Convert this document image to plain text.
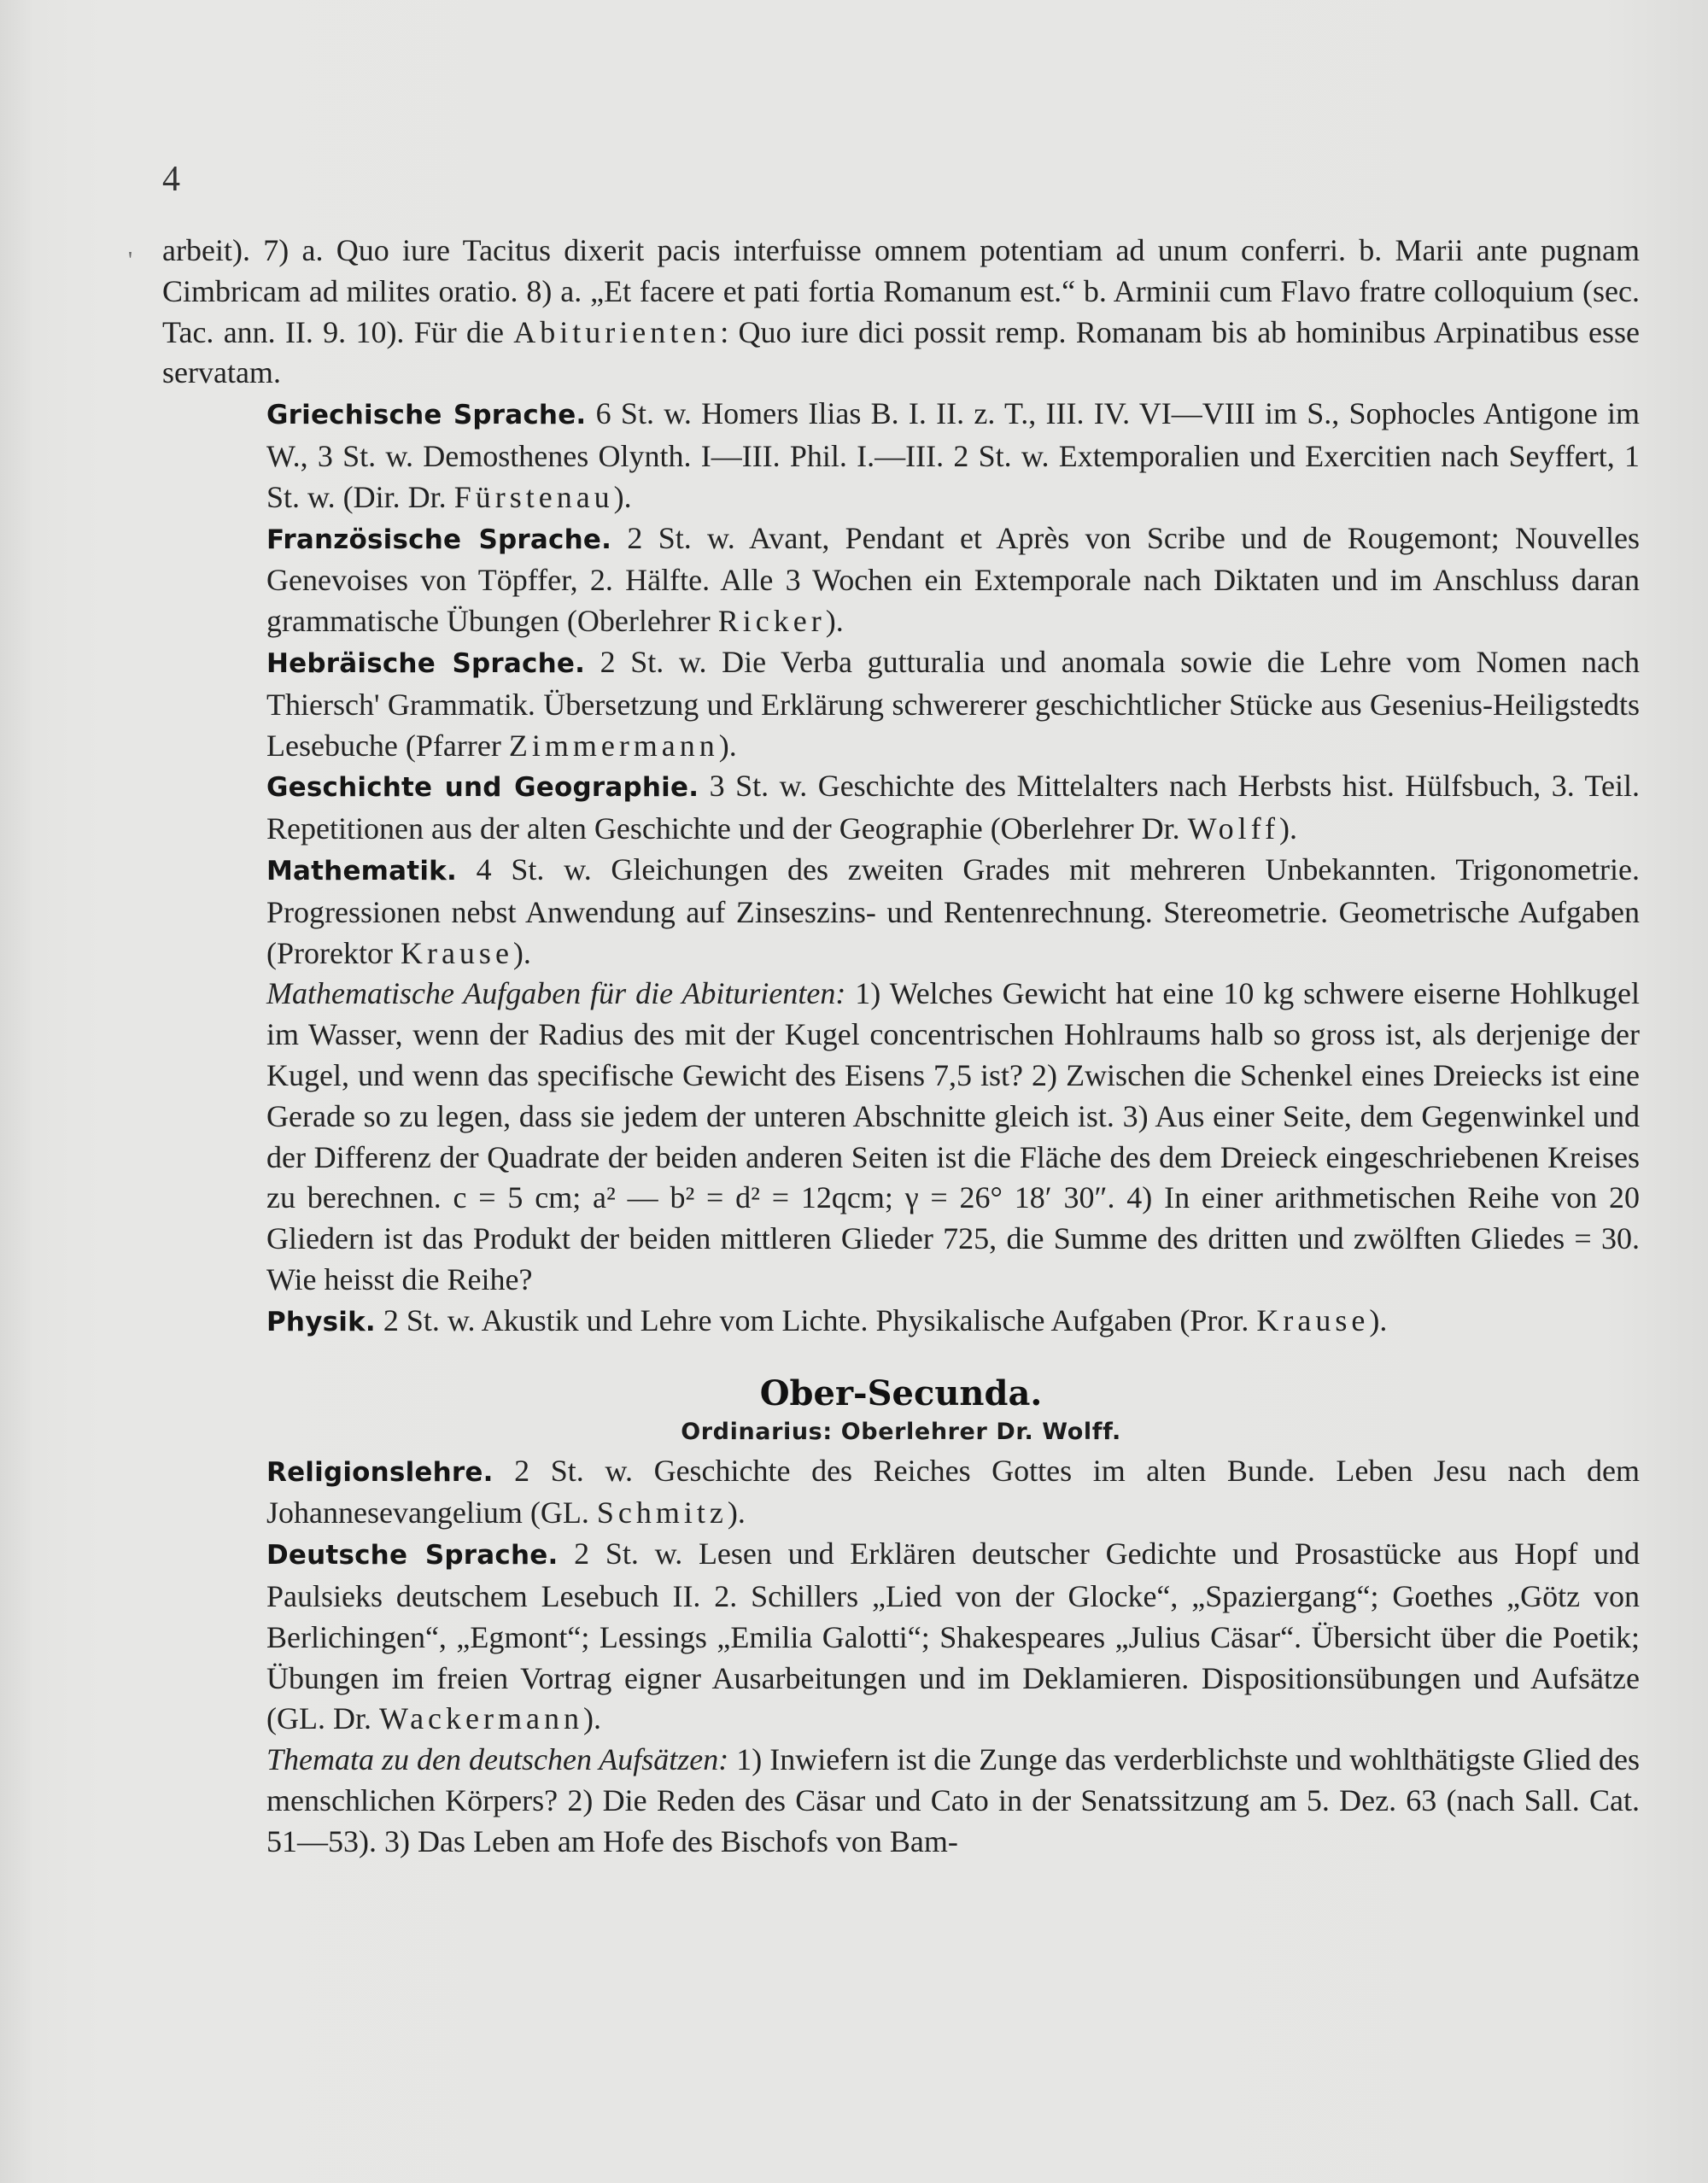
'
4

arbeit). 7) a. Quo iure Tacitus dixerit pacis interfuisse omnem potentiam ad unum conferri. b. Marii ante pugnam Cimbricam ad milites oratio. 8) a. „Et facere et pati fortia Romanum est.“ b. Arminii cum Flavo fratre colloquium (sec. Tac. ann. II. 9. 10). Für die Abiturienten: Quo iure dici possit remp. Romanam bis ab hominibus Arpinatibus esse servatam.

Griechische Sprache. 6 St. w. Homers Ilias B. I. II. z. T., III. IV. VI—VIII im S., Sophocles Antigone im W., 3 St. w. Demosthenes Olynth. I—III. Phil. I.—III. 2 St. w. Extemporalien und Exercitien nach Seyffert, 1 St. w. (Dir. Dr. Fürstenau).

Französische Sprache. 2 St. w. Avant, Pendant et Après von Scribe und de Rougemont; Nouvelles Genevoises von Töpffer, 2. Hälfte. Alle 3 Wochen ein Extemporale nach Diktaten und im Anschluss daran grammatische Übungen (Oberlehrer Ricker).

Hebräische Sprache. 2 St. w. Die Verba gutturalia und anomala sowie die Lehre vom Nomen nach Thiersch' Grammatik. Übersetzung und Erklärung schwererer geschichtlicher Stücke aus Gesenius-Heiligstedts Lesebuche (Pfarrer Zimmermann).

Geschichte und Geographie. 3 St. w. Geschichte des Mittelalters nach Herbsts hist. Hülfsbuch, 3. Teil. Repetitionen aus der alten Geschichte und der Geographie (Oberlehrer Dr. Wolff).

Mathematik. 4 St. w. Gleichungen des zweiten Grades mit mehreren Unbekannten. Trigonometrie. Progressionen nebst Anwendung auf Zinseszins- und Rentenrechnung. Stereometrie. Geometrische Aufgaben (Prorektor Krause).

Mathematische Aufgaben für die Abiturienten: 1) Welches Gewicht hat eine 10 kg schwere eiserne Hohlkugel im Wasser, wenn der Radius des mit der Kugel concentrischen Hohlraums halb so gross ist, als derjenige der Kugel, und wenn das specifische Gewicht des Eisens 7,5 ist? 2) Zwischen die Schenkel eines Dreiecks ist eine Gerade so zu legen, dass sie jedem der unteren Abschnitte gleich ist. 3) Aus einer Seite, dem Gegenwinkel und der Differenz der Quadrate der beiden anderen Seiten ist die Fläche des dem Dreieck eingeschriebenen Kreises zu berechnen. c = 5 cm; a² — b² = d² = 12qcm; γ = 26° 18′ 30″. 4) In einer arithmetischen Reihe von 20 Gliedern ist das Produkt der beiden mittleren Glieder 725, die Summe des dritten und zwölften Gliedes = 30. Wie heisst die Reihe?

Physik. 2 St. w. Akustik und Lehre vom Lichte. Physikalische Aufgaben (Pror. Krause).

Ober-Secunda.
Ordinarius: Oberlehrer Dr. Wolff.

Religionslehre. 2 St. w. Geschichte des Reiches Gottes im alten Bunde. Leben Jesu nach dem Johannesevangelium (GL. Schmitz).

Deutsche Sprache. 2 St. w. Lesen und Erklären deutscher Gedichte und Prosastücke aus Hopf und Paulsieks deutschem Lesebuch II. 2. Schillers „Lied von der Glocke“, „Spaziergang“; Goethes „Götz von Berlichingen“, „Egmont“; Lessings „Emilia Galotti“; Shakespeares „Julius Cäsar“. Übersicht über die Poetik; Übungen im freien Vortrag eigner Ausarbeitungen und im Deklamieren. Dispositionsübungen und Aufsätze (GL. Dr. Wackermann).

Themata zu den deutschen Aufsätzen: 1) Inwiefern ist die Zunge das verderblichste und wohlthätigste Glied des menschlichen Körpers? 2) Die Reden des Cäsar und Cato in der Senatssitzung am 5. Dez. 63 (nach Sall. Cat. 51—53). 3) Das Leben am Hofe des Bischofs von Bam-
